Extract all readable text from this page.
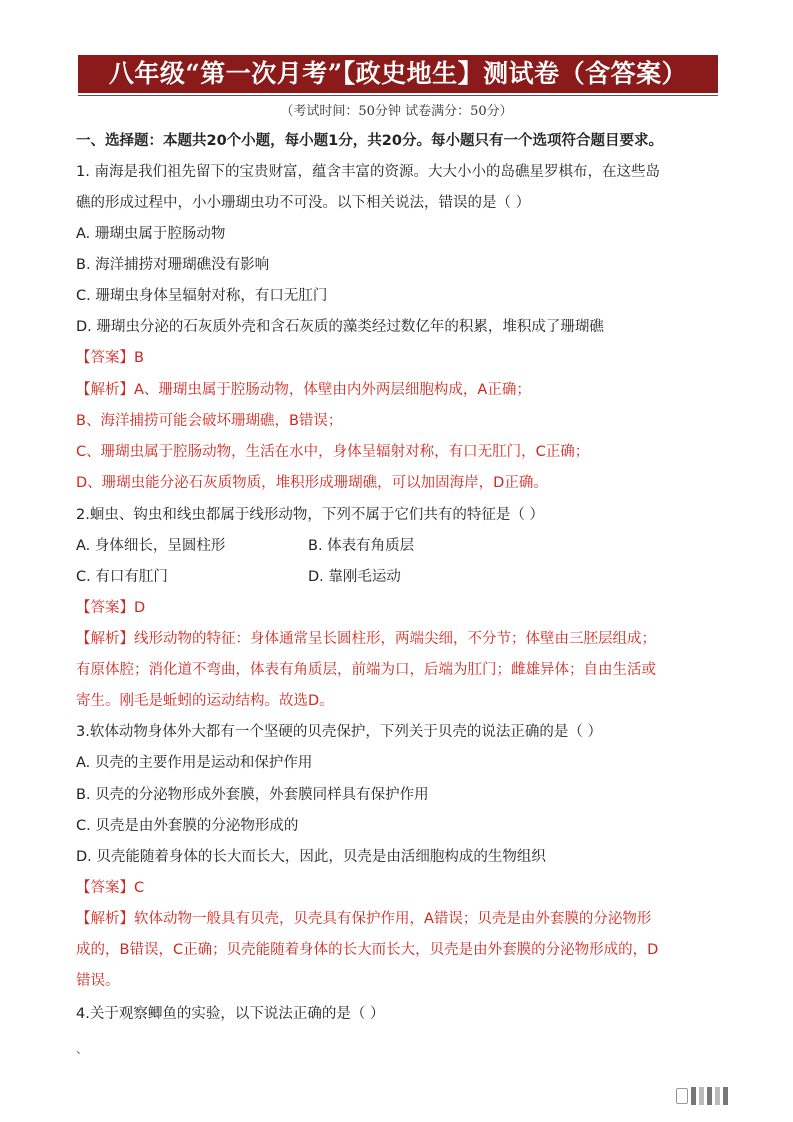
八年级“第一次月考”【政史地生】测试卷（含答案）
（考试时间：50分钟 试卷满分：50分）
一、选择题：本题共20个小题，每小题1分，共20分。每小题只有一个选项符合题目要求。
1. 南海是我们祖先留下的宝贵财富，蕴含丰富的资源。大大小小的岛礁星罗棋布，在这些岛
礁的形成过程中，小小珊瑚虫功不可没。以下相关说法，错误的是（ ）
A. 珊瑚虫属于腔肠动物
B. 海洋捕捞对珊瑚礁没有影响
C. 珊瑚虫身体呈辐射对称，有口无肛门
D. 珊瑚虫分泌的石灰质外壳和含石灰质的藻类经过数亿年的积累，堆积成了珊瑚礁
【答案】B
【解析】A、珊瑚虫属于腔肠动物，体壁由内外两层细胞构成，A正确；
B、海洋捕捞可能会破坏珊瑚礁，B错误；
C、珊瑚虫属于腔肠动物，生活在水中，身体呈辐射对称，有口无肛门，C正确；
D、珊瑚虫能分泌石灰质物质，堆积形成珊瑚礁，可以加固海岸，D正确。
2.蛔虫、钩虫和线虫都属于线形动物，下列不属于它们共有的特征是（ ）
A. 身体细长，呈圆柱形	B. 体表有角质层
C. 有口有肛门	D. 靠刚毛运动
【答案】D
【解析】线形动物的特征：身体通常呈长圆柱形，两端尖细，不分节；体壁由三胚层组成；
有原体腔；消化道不弯曲，体表有角质层，前端为口，后端为肛门；雌雄异体；自由生活或
寄生。刚毛是蚯蚓的运动结构。故选D。
3.软体动物身体外大都有一个坚硬的贝壳保护，下列关于贝壳的说法正确的是（ ）
A. 贝壳的主要作用是运动和保护作用
B. 贝壳的分泌物形成外套膜，外套膜同样具有保护作用
C. 贝壳是由外套膜的分泌物形成的
D. 贝壳能随着身体的长大而长大，因此，贝壳是由活细胞构成的生物组织
【答案】C
【解析】软体动物一般具有贝壳，贝壳具有保护作用，A错误；贝壳是由外套膜的分泌物形
成的，B错误，C正确；贝壳能随着身体的长大而长大，贝壳是由外套膜的分泌物形成的，D
错误。
4.关于观察鲫鱼的实验，以下说法正确的是（ ）
、
